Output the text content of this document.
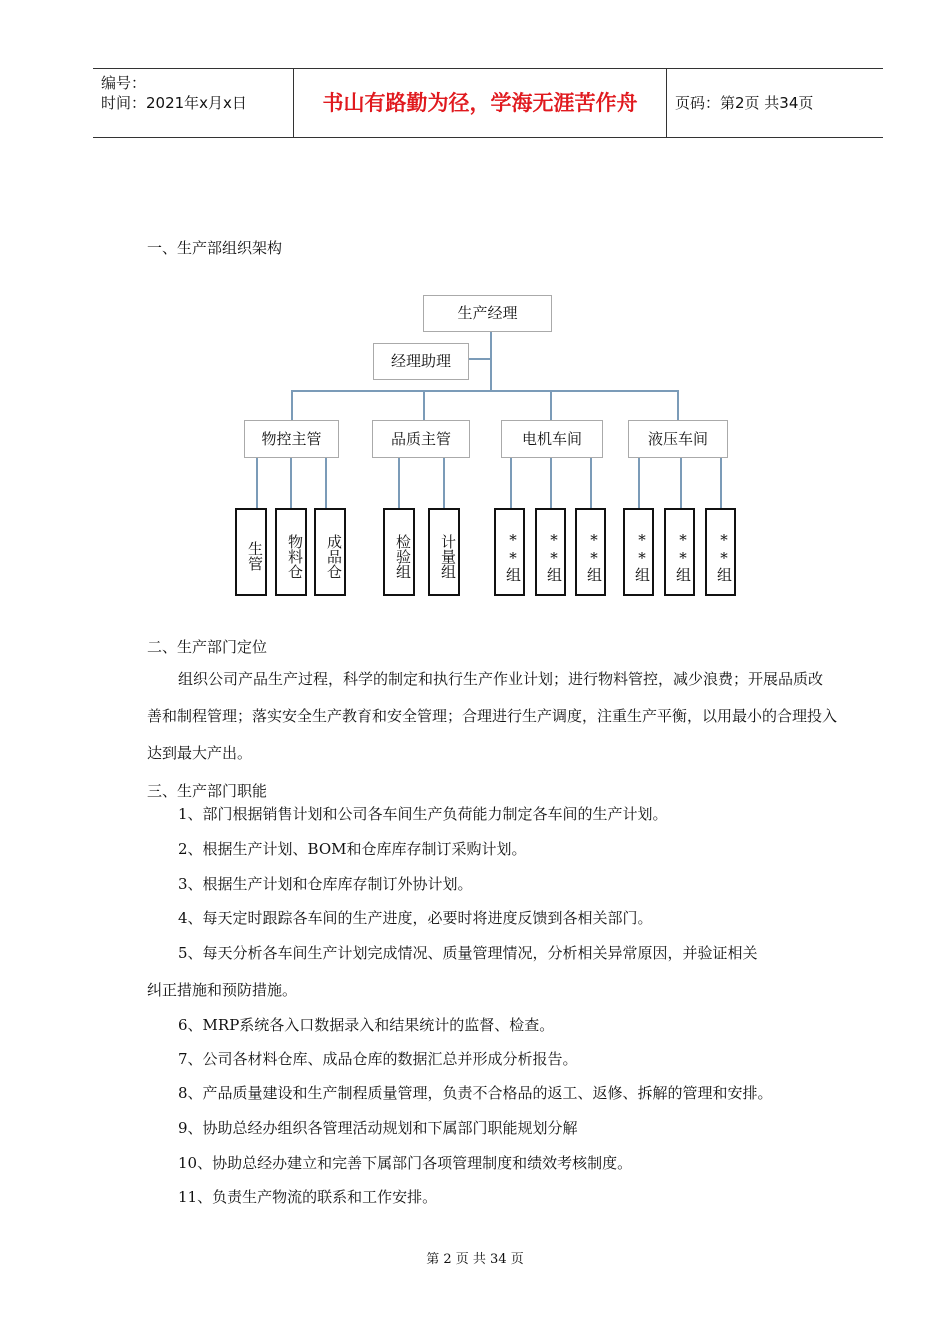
编号：
时间：2021年x月x日	书山有路勤为径，学海无涯苦作舟	页码：第2页 共34页
一、生产部组织架构
生产经理
经理助理
物控主管	品质主管	电机车间	液压车间
生管	物料仓	成品仓	检验组	计量组	**组	**组	**组	**组	**组	**组
二、生产部门定位
组织公司产品生产过程，科学的制定和执行生产作业计划；进行物料管控，减少浪费；开展品质改善和制程管理；落实安全生产教育和安全管理；合理进行生产调度，注重生产平衡，以用最小的合理投入达到最大产出。
三、生产部门职能
1、部门根据销售计划和公司各车间生产负荷能力制定各车间的生产计划。
2、根据生产计划、BOM和仓库库存制订采购计划。
3、根据生产计划和仓库库存制订外协计划。
4、每天定时跟踪各车间的生产进度，必要时将进度反馈到各相关部门。
5、每天分析各车间生产计划完成情况、质量管理情况，分析相关异常原因，并验证相关
纠正措施和预防措施。
6、MRP系统各入口数据录入和结果统计的监督、检查。
7、公司各材料仓库、成品仓库的数据汇总并形成分析报告。
8、产品质量建设和生产制程质量管理，负责不合格品的返工、返修、拆解的管理和安排。
9、协助总经办组织各管理活动规划和下属部门职能规划分解
10、协助总经办建立和完善下属部门各项管理制度和绩效考核制度。
11、负责生产物流的联系和工作安排。
第 2 页 共 34 页
